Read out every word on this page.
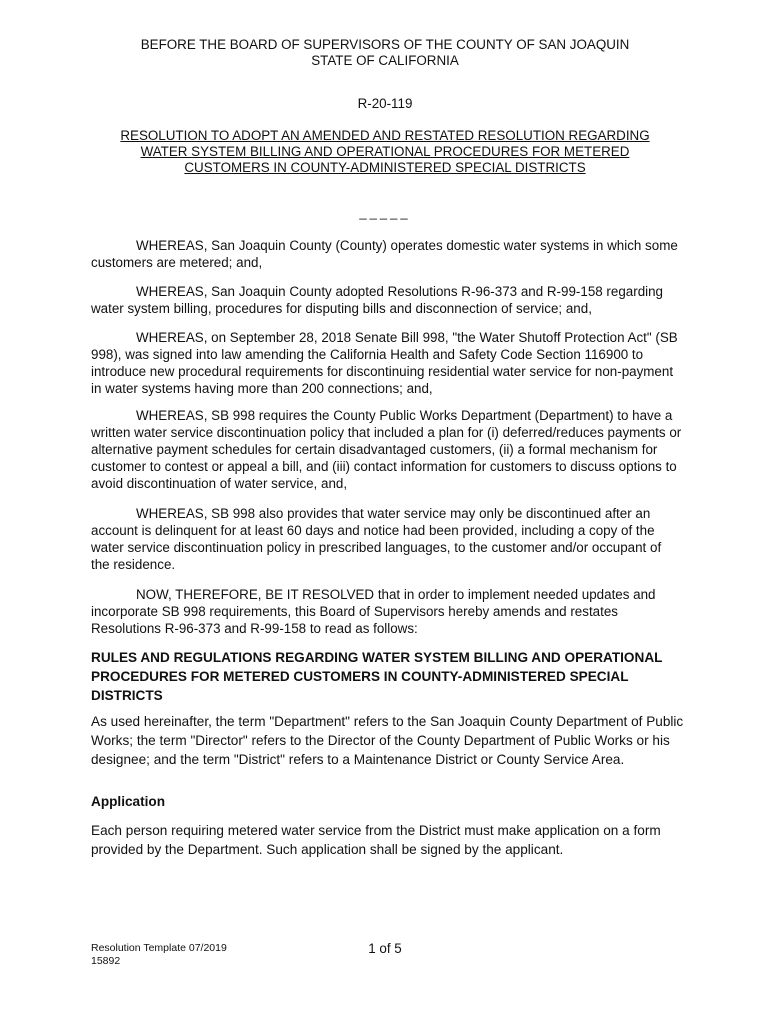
BEFORE THE BOARD OF SUPERVISORS OF THE COUNTY OF SAN JOAQUIN
STATE OF CALIFORNIA
R-20-119
RESOLUTION TO ADOPT AN AMENDED AND RESTATED RESOLUTION REGARDING
WATER SYSTEM BILLING AND OPERATIONAL PROCEDURES FOR METERED
CUSTOMERS IN COUNTY-ADMINISTERED SPECIAL DISTRICTS
_____

WHEREAS, San Joaquin County (County) operates domestic water systems in which some customers are metered; and,

WHEREAS, San Joaquin County adopted Resolutions R-96-373 and R-99-158 regarding water system billing, procedures for disputing bills and disconnection of service; and,

WHEREAS, on September 28, 2018 Senate Bill 998, "the Water Shutoff Protection Act" (SB 998), was signed into law amending the California Health and Safety Code Section 116900 to introduce new procedural requirements for discontinuing residential water service for non-payment in water systems having more than 200 connections; and,

WHEREAS, SB 998 requires the County Public Works Department (Department) to have a written water service discontinuation policy that included a plan for (i) deferred/reduces payments or alternative payment schedules for certain disadvantaged customers, (ii) a formal mechanism for customer to contest or appeal a bill, and (iii) contact information for customers to discuss options to avoid discontinuation of water service, and,

WHEREAS, SB 998 also provides that water service may only be discontinued after an account is delinquent for at least 60 days and notice had been provided, including a copy of the water service discontinuation policy in prescribed languages, to the customer and/or occupant of the residence.

NOW, THEREFORE, BE IT RESOLVED that in order to implement needed updates and incorporate SB 998 requirements, this Board of Supervisors hereby amends and restates Resolutions R-96-373 and R-99-158 to read as follows:

RULES AND REGULATIONS REGARDING WATER SYSTEM BILLING AND OPERATIONAL PROCEDURES FOR METERED CUSTOMERS IN COUNTY-ADMINISTERED SPECIAL DISTRICTS

As used hereinafter, the term "Department" refers to the San Joaquin County Department of Public Works; the term "Director" refers to the Director of the County Department of Public Works or his designee; and the term "District" refers to a Maintenance District or County Service Area.

Application

Each person requiring metered water service from the District must make application on a form provided by the Department. Such application shall be signed by the applicant.

Resolution Template 07/2019
15892
1 of 5
